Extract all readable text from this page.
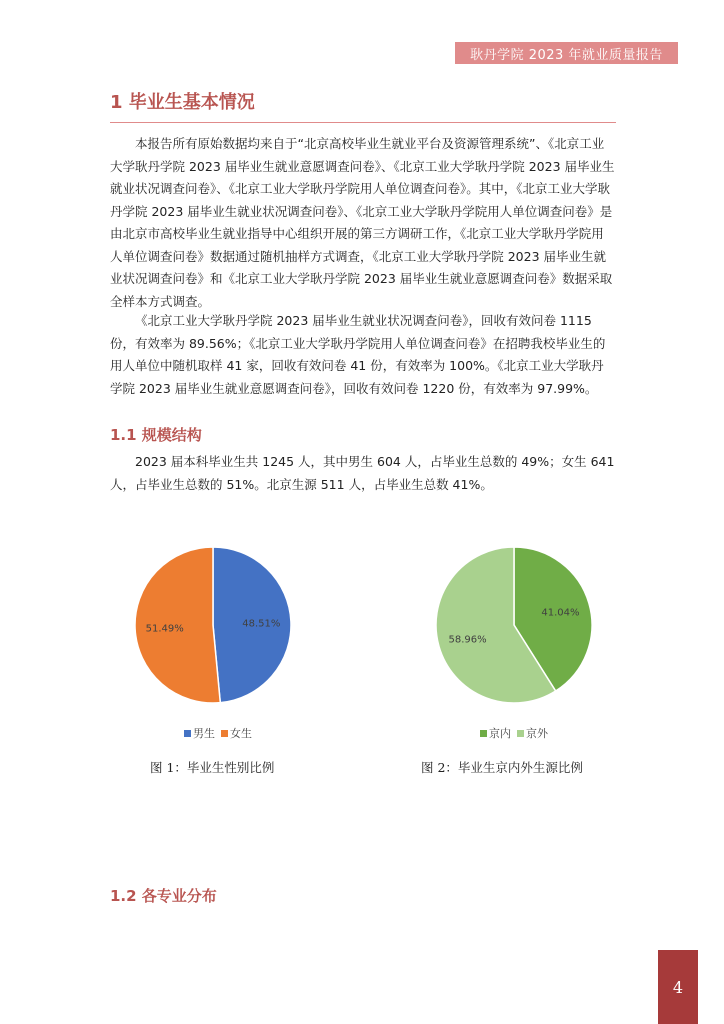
耿丹学院 2023 年就业质量报告
1 毕业生基本情况

本报告所有原始数据均来自于“北京高校毕业生就业平台及资源管理系统”、《北京工业大学耿丹学院 2023 届毕业生就业意愿调查问卷》、《北京工业大学耿丹学院 2023 届毕业生就业状况调查问卷》、《北京工业大学耿丹学院用人单位调查问卷》。其中，《北京工业大学耿丹学院 2023 届毕业生就业状况调查问卷》、《北京工业大学耿丹学院用人单位调查问卷》是由北京市高校毕业生就业指导中心组织开展的第三方调研工作，《北京工业大学耿丹学院用人单位调查问卷》数据通过随机抽样方式调查，《北京工业大学耿丹学院 2023 届毕业生就业状况调查问卷》和《北京工业大学耿丹学院 2023 届毕业生就业意愿调查问卷》数据采取全样本方式调查。

《北京工业大学耿丹学院 2023 届毕业生就业状况调查问卷》，回收有效问卷 1115 份，有效率为 89.56%；《北京工业大学耿丹学院用人单位调查问卷》在招聘我校毕业生的用人单位中随机取样 41 家，回收有效问卷 41 份，有效率为 100%。《北京工业大学耿丹学院 2023 届毕业生就业意愿调查问卷》，回收有效问卷 1220 份，有效率为 97.99%。

1.1 规模结构

2023 届本科毕业生共 1245 人，其中男生 604 人，占毕业生总数的 49%；女生 641 人，占毕业生总数的 51%。北京生源 511 人，占毕业生总数 41%。

48.51%
51.49%
男生 女生
41.04%
58.96%
京内 京外

图 1：毕业生性别比例	图 2：毕业生京内外生源比例

1.2 各专业分布
4
